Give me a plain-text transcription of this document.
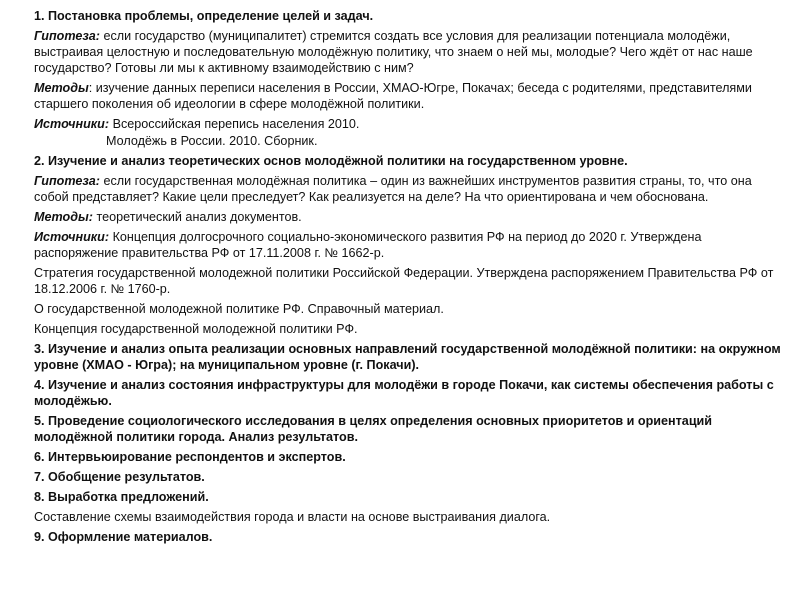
1. Постановка проблемы, определение целей и задач.

Гипотеза: если государство (муниципалитет) стремится создать все условия для реализации потенциала молодёжи, выстраивая целостную и последовательную молодёжную политику, что знаем о ней мы, молодые? Чего ждёт от нас наше государство? Готовы ли мы к активному взаимодействию с ним?

Методы: изучение данных переписи населения в России, ХМАО-Югре, Покачах; беседа с родителями, представителями старшего поколения об идеологии в сфере молодёжной политики.

Источники: Всероссийская перепись населения 2010.

Молодёжь в России. 2010. Сборник.

2. Изучение и анализ теоретических основ молодёжной политики на государственном уровне.

Гипотеза: если государственная молодёжная политика – один из важнейших инструментов развития страны, то, что она собой представляет? Какие цели преследует? Как реализуется на деле? На что ориентирована и чем обоснована.

Методы: теоретический анализ документов.

Источники: Концепция долгосрочного социально-экономического развития РФ на период до 2020 г. Утверждена распоряжение правительства РФ от 17.11.2008 г. № 1662-р.

Стратегия государственной молодежной политики Российской Федерации. Утверждена распоряжением Правительства РФ от 18.12.2006 г. № 1760-р.

О государственной молодежной политике РФ. Справочный материал.

Концепция государственной молодежной политики РФ.

3. Изучение и анализ опыта реализации основных направлений государственной молодёжной политики: на окружном уровне (ХМАО - Югра); на муниципальном уровне (г. Покачи).

4. Изучение и анализ состояния инфраструктуры для молодёжи в городе Покачи, как системы обеспечения работы с молодёжью.

5. Проведение социологического исследования в целях определения основных приоритетов и ориентаций молодёжной политики города. Анализ результатов.

6. Интервьюирование респондентов и экспертов.

7. Обобщение результатов.

8. Выработка предложений.

Составление схемы взаимодействия города и власти на основе выстраивания диалога.

9. Оформление материалов.
